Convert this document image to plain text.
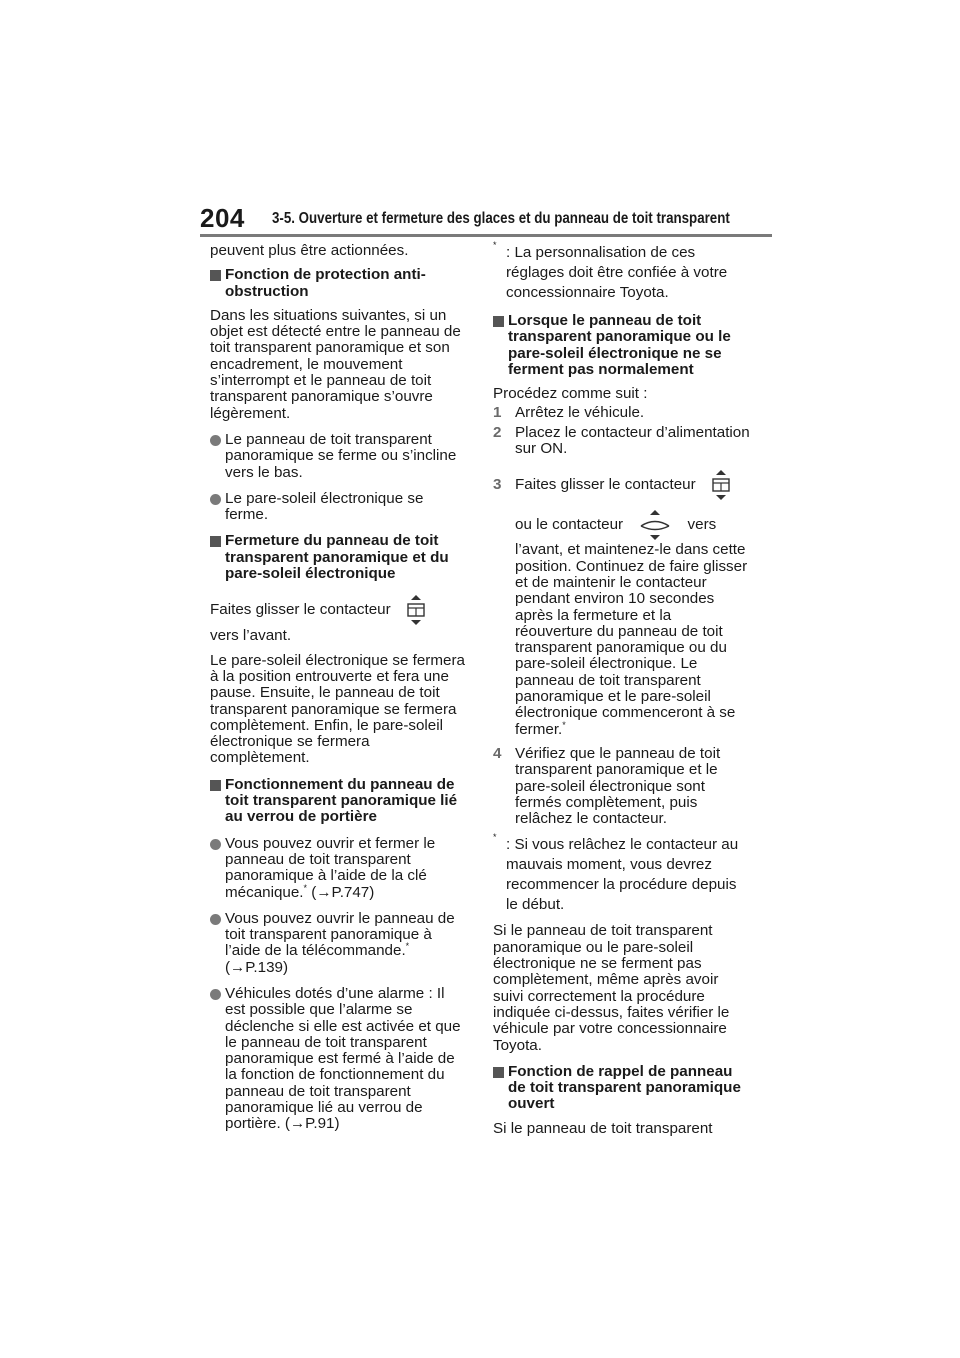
204 3-5. Ouverture et fermeture des glaces et du panneau de toit transparent

peuvent plus être actionnées.

Fonction de protection anti-obstruction

Dans les situations suivantes, si un objet est détecté entre le panneau de toit transparent panoramique et son encadrement, le mouvement s’interrompt et le panneau de toit transparent panoramique s’ouvre légèrement.

Le panneau de toit transparent panoramique se ferme ou s’incline vers le bas.

Le pare-soleil électronique se ferme.

Fermeture du panneau de toit transparent panoramique et du pare-soleil électronique

Faites glisser le contacteur

vers l’avant.

Le pare-soleil électronique se fermera à la position entrouverte et fera une pause. Ensuite, le panneau de toit transparent panoramique se fermera complètement. Enfin, le pare-soleil électronique se fermera complètement.

Fonctionnement du panneau de toit transparent panoramique lié au verrou de portière

Vous pouvez ouvrir et fermer le panneau de toit transparent panoramique à l’aide de la clé mécanique.* (→P.747)

Vous pouvez ouvrir le panneau de toit transparent panoramique à l’aide de la télécommande.*
(→P.139)

Véhicules dotés d’une alarme : Il est possible que l’alarme se déclenche si elle est activée et que le panneau de toit transparent panoramique est fermé à l’aide de la fonction de fonctionnement du panneau de toit transparent panoramique lié au verrou de portière. (→P.91)

* : La personnalisation de ces réglages doit être confiée à votre concessionnaire Toyota.

Lorsque le panneau de toit transparent panoramique ou le pare-soleil électronique ne se ferment pas normalement

Procédez comme suit :

1 Arrêtez le véhicule.

2 Placez le contacteur d’alimentation sur ON.

3 Faites glisser le contacteur
ou le contacteur	vers

l’avant, et maintenez-le dans cette position. Continuez de faire glisser et de maintenir le contacteur pendant environ 10 secondes après la fermeture et la réouverture du panneau de toit transparent panoramique ou du pare-soleil électronique. Le panneau de toit transparent panoramique et le pare-soleil électronique commenceront à se fermer.*

4 Vérifiez que le panneau de toit transparent panoramique et le pare-soleil électronique sont fermés complètement, puis relâchez le contacteur.

* : Si vous relâchez le contacteur au mauvais moment, vous devrez recommencer la procédure depuis le début.

Si le panneau de toit transparent panoramique ou le pare-soleil électronique ne se ferment pas complètement, même après avoir suivi correctement la procédure indiquée ci-dessus, faites vérifier le véhicule par votre concessionnaire Toyota.

Fonction de rappel de panneau de toit transparent panoramique ouvert

Si le panneau de toit transparent
